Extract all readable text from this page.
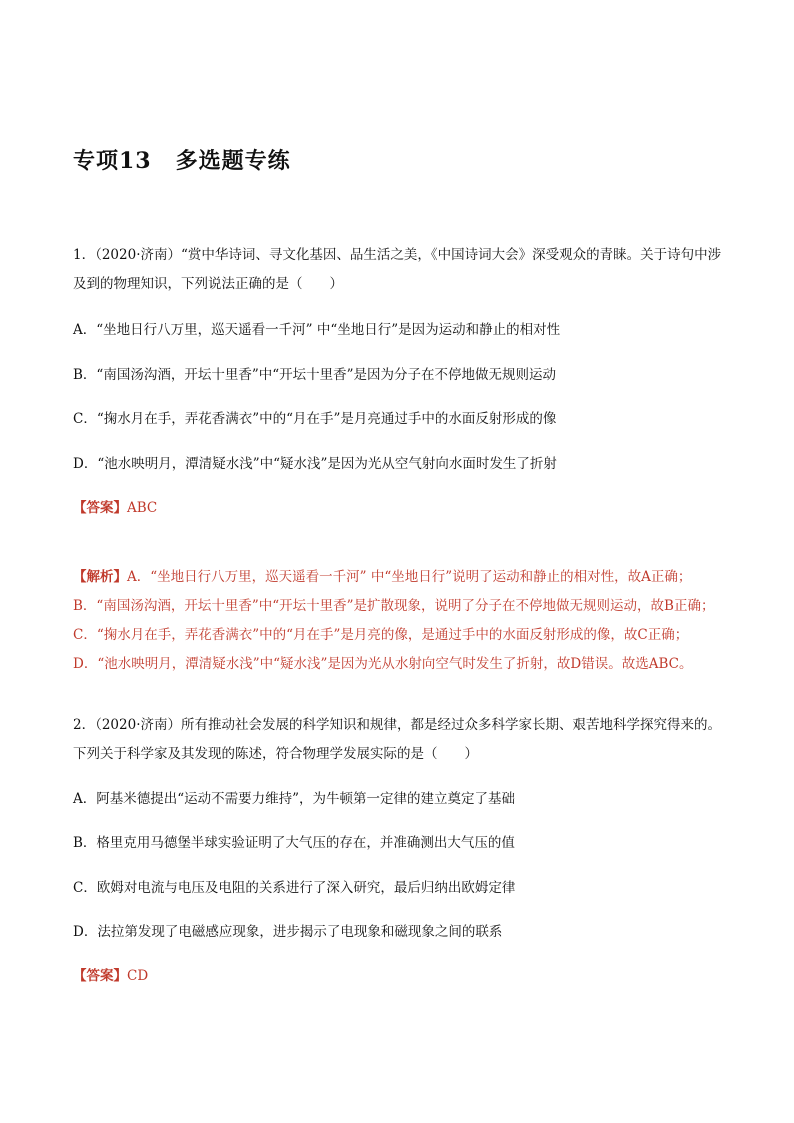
专项13 多选题专练
1．（2020·济南）“赏中华诗词、寻文化基因、品生活之美，《中国诗词大会》深受观众的青睐。关于诗句中涉及到的物理知识，下列说法正确的是（　　）
A．“坐地日行八万里，巡天遥看一千河” 中“坐地日行”是因为运动和静止的相对性
B．“南国汤沟酒，开坛十里香”中“开坛十里香”是因为分子在不停地做无规则运动
C．“掬水月在手，弄花香满衣”中的“月在手”是月亮通过手中的水面反射形成的像
D．“池水映明月，潭清疑水浅”中“疑水浅”是因为光从空气射向水面时发生了折射
【答案】ABC
【解析】A．“坐地日行八万里，巡天遥看一千河” 中“坐地日行”说明了运动和静止的相对性，故A正确；B．“南国汤沟酒，开坛十里香”中“开坛十里香”是扩散现象，说明了分子在不停地做无规则运动，故B正确；C．“掬水月在手，弄花香满衣”中的“月在手”是月亮的像，是通过手中的水面反射形成的像，故C正确；D．“池水映明月，潭清疑水浅”中“疑水浅”是因为光从水射向空气时发生了折射，故D错误。故选ABC。
2．（2020·济南）所有推动社会发展的科学知识和规律，都是经过众多科学家长期、艰苦地科学探究得来的。下列关于科学家及其发现的陈述，符合物理学发展实际的是（　　）
A．阿基米德提出“运动不需要力维持”，为牛顿第一定律的建立奠定了基础
B．格里克用马德堡半球实验证明了大气压的存在，并准确测出大气压的值
C．欧姆对电流与电压及电阻的关系进行了深入研究，最后归纳出欧姆定律
D．法拉第发现了电磁感应现象，进步揭示了电现象和磁现象之间的联系
【答案】CD
